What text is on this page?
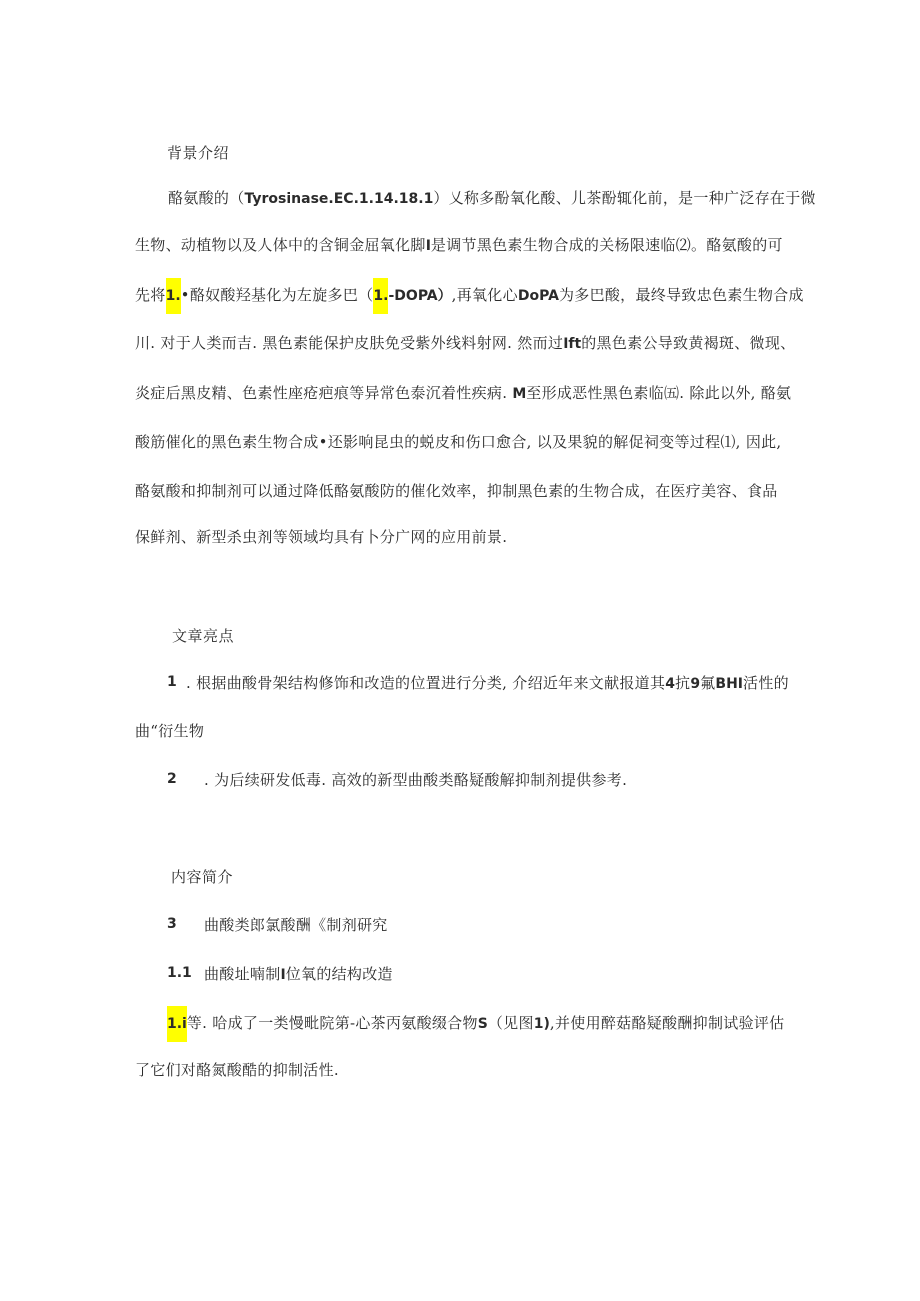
背景介绍
酪氨酸的（Tyrosinase.EC.1.14.18.1）乂称多酚氧化酸、儿茶酚辄化前，是一种广泛存在于微
生物、动植物以及人体中的含铜金屈氧化脚I是调节黑色素生物合成的关杨限速临⑵。酪氨酸的可
先将1.•酪奴酸羟基化为左旋多巴（1.-DOPA）,再氧化心DoPA为多巴酸，最终导致忠色素生物合成
川. 对于人类而吉. 黑色素能保护皮肤免受紫外线料射网. 然而过Ift的黑色素公导致黄褐斑、微现、
炎症后黑皮精、色素性座疮疤痕等异常色泰沉着性疾病. M至形成恶性黑色素临㈤. 除此以外, 酪氨
酸筋催化的黑色素生物合成•还影响昆虫的蜕皮和伤口愈合, 以及果貌的解促祠变等过程⑴, 因此,
酪氨酸和抑制剂可以通过降低酪氨酸防的催化效率，抑制黑色素的生物合成，在医疗美容、食品
保鲜剂、新型杀虫剂等领域均具有卜分广网的应用前景.
文章亮点
1 . 根据曲酸骨架结构修饰和改造的位置进行分类, 介绍近年来文献报道其4抗9氟BHI活性的
曲“衍生物
2 . 为后续研发低毒. 高效的新型曲酸类酪疑酸解抑制剂提供参考.
内容简介
3 曲酸类郎氯酸酬《制剂研究
1.1 曲酸址喃制I位氧的结构改造
1.i等. 哈成了一类慢毗院第-心茶丙氨酸缀合物S（见图1),并使用醉菇酪疑酸酬抑制试验评估
了它们对酪氮酸酷的抑制活性.
